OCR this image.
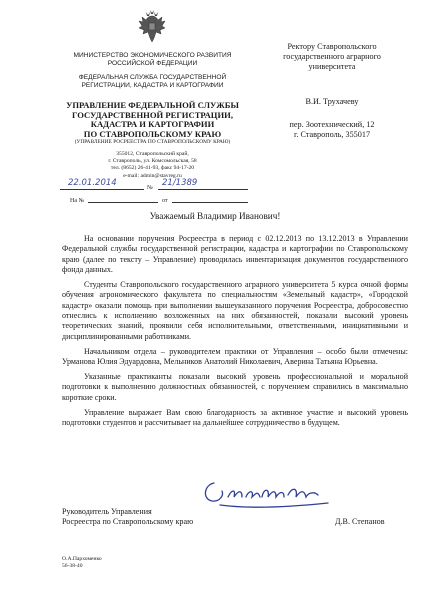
МИНИСТЕРСТВО ЭКОНОМИЧЕСКОГО РАЗВИТИЯ
РОССИЙСКОЙ ФЕДЕРАЦИИ
ФЕДЕРАЛЬНАЯ СЛУЖБА ГОСУДАРСТВЕННОЙ
РЕГИСТРАЦИИ, КАДАСТРА И КАРТОГРАФИИ
УПРАВЛЕНИЕ ФЕДЕРАЛЬНОЙ СЛУЖБЫ
ГОСУДАРСТВЕННОЙ РЕГИСТРАЦИИ,
КАДАСТРА И КАРТОГРАФИИ
ПО СТАВРОПОЛЬСКОМУ КРАЮ
(УПРАВЛЕНИЕ РОСРЕЕСТРА ПО СТАВРОПОЛЬСКОМУ КРАЮ)
355012, Ставропольский край,
г. Ставрополь, ул. Комсомольская, 58
тел. (8652) 26-41-93, факс 94-17-20
e-mail: admin@stavreg.ru
№
22.01.2014	21/1389
На №	от
Ректору Ставропольского
государственного аграрного
университета
В.И. Трухачеву
пер. Зоотехнический, 12
г. Ставрополь, 355017
Уважаемый Владимир Иванович!

На основании поручения Росреестра в период с 02.12.2013 по 13.12.2013 в Управлении Федеральной службы государственной регистрации, кадастра и картографии по Ставропольскому краю (далее по тексту – Управление) проводилась инвентаризация документов государственного фонда данных.

Студенты Ставропольского государственного аграрного университета 5 курса очной формы обучения агрономического факультета по специальностям «Земельный кадастр», «Городской кадастр» оказали помощь при выполнении вышеуказанного поручения Росреестра, добросовестно отнеслись к исполнению возложенных на них обязанностей, показали высокий уровень теоретических знаний, проявили себя исполнительными, ответственными, инициативными и дисциплинированными работниками.

Начальником отдела – руководителем практики от Управления – особо были отмечены: Урманова Юлия Эдуардовна, Мельников Анатолий Николаевич, Аверина Татьяна Юрьевна.

Указанные практиканты показали высокий уровень профессиональной и моральной подготовки к выполнению должностных обязанностей, с поручением справились в максимально короткие сроки.

Управление выражает Вам свою благодарность за активное участие и высокий уровень подготовки студентов и рассчитывает на дальнейшее сотрудничество в будущем.

Руководитель Управления
Росреестра по Ставропольскому краю	Д.В. Степанов
О.А.Пархоменко
56-38-40
